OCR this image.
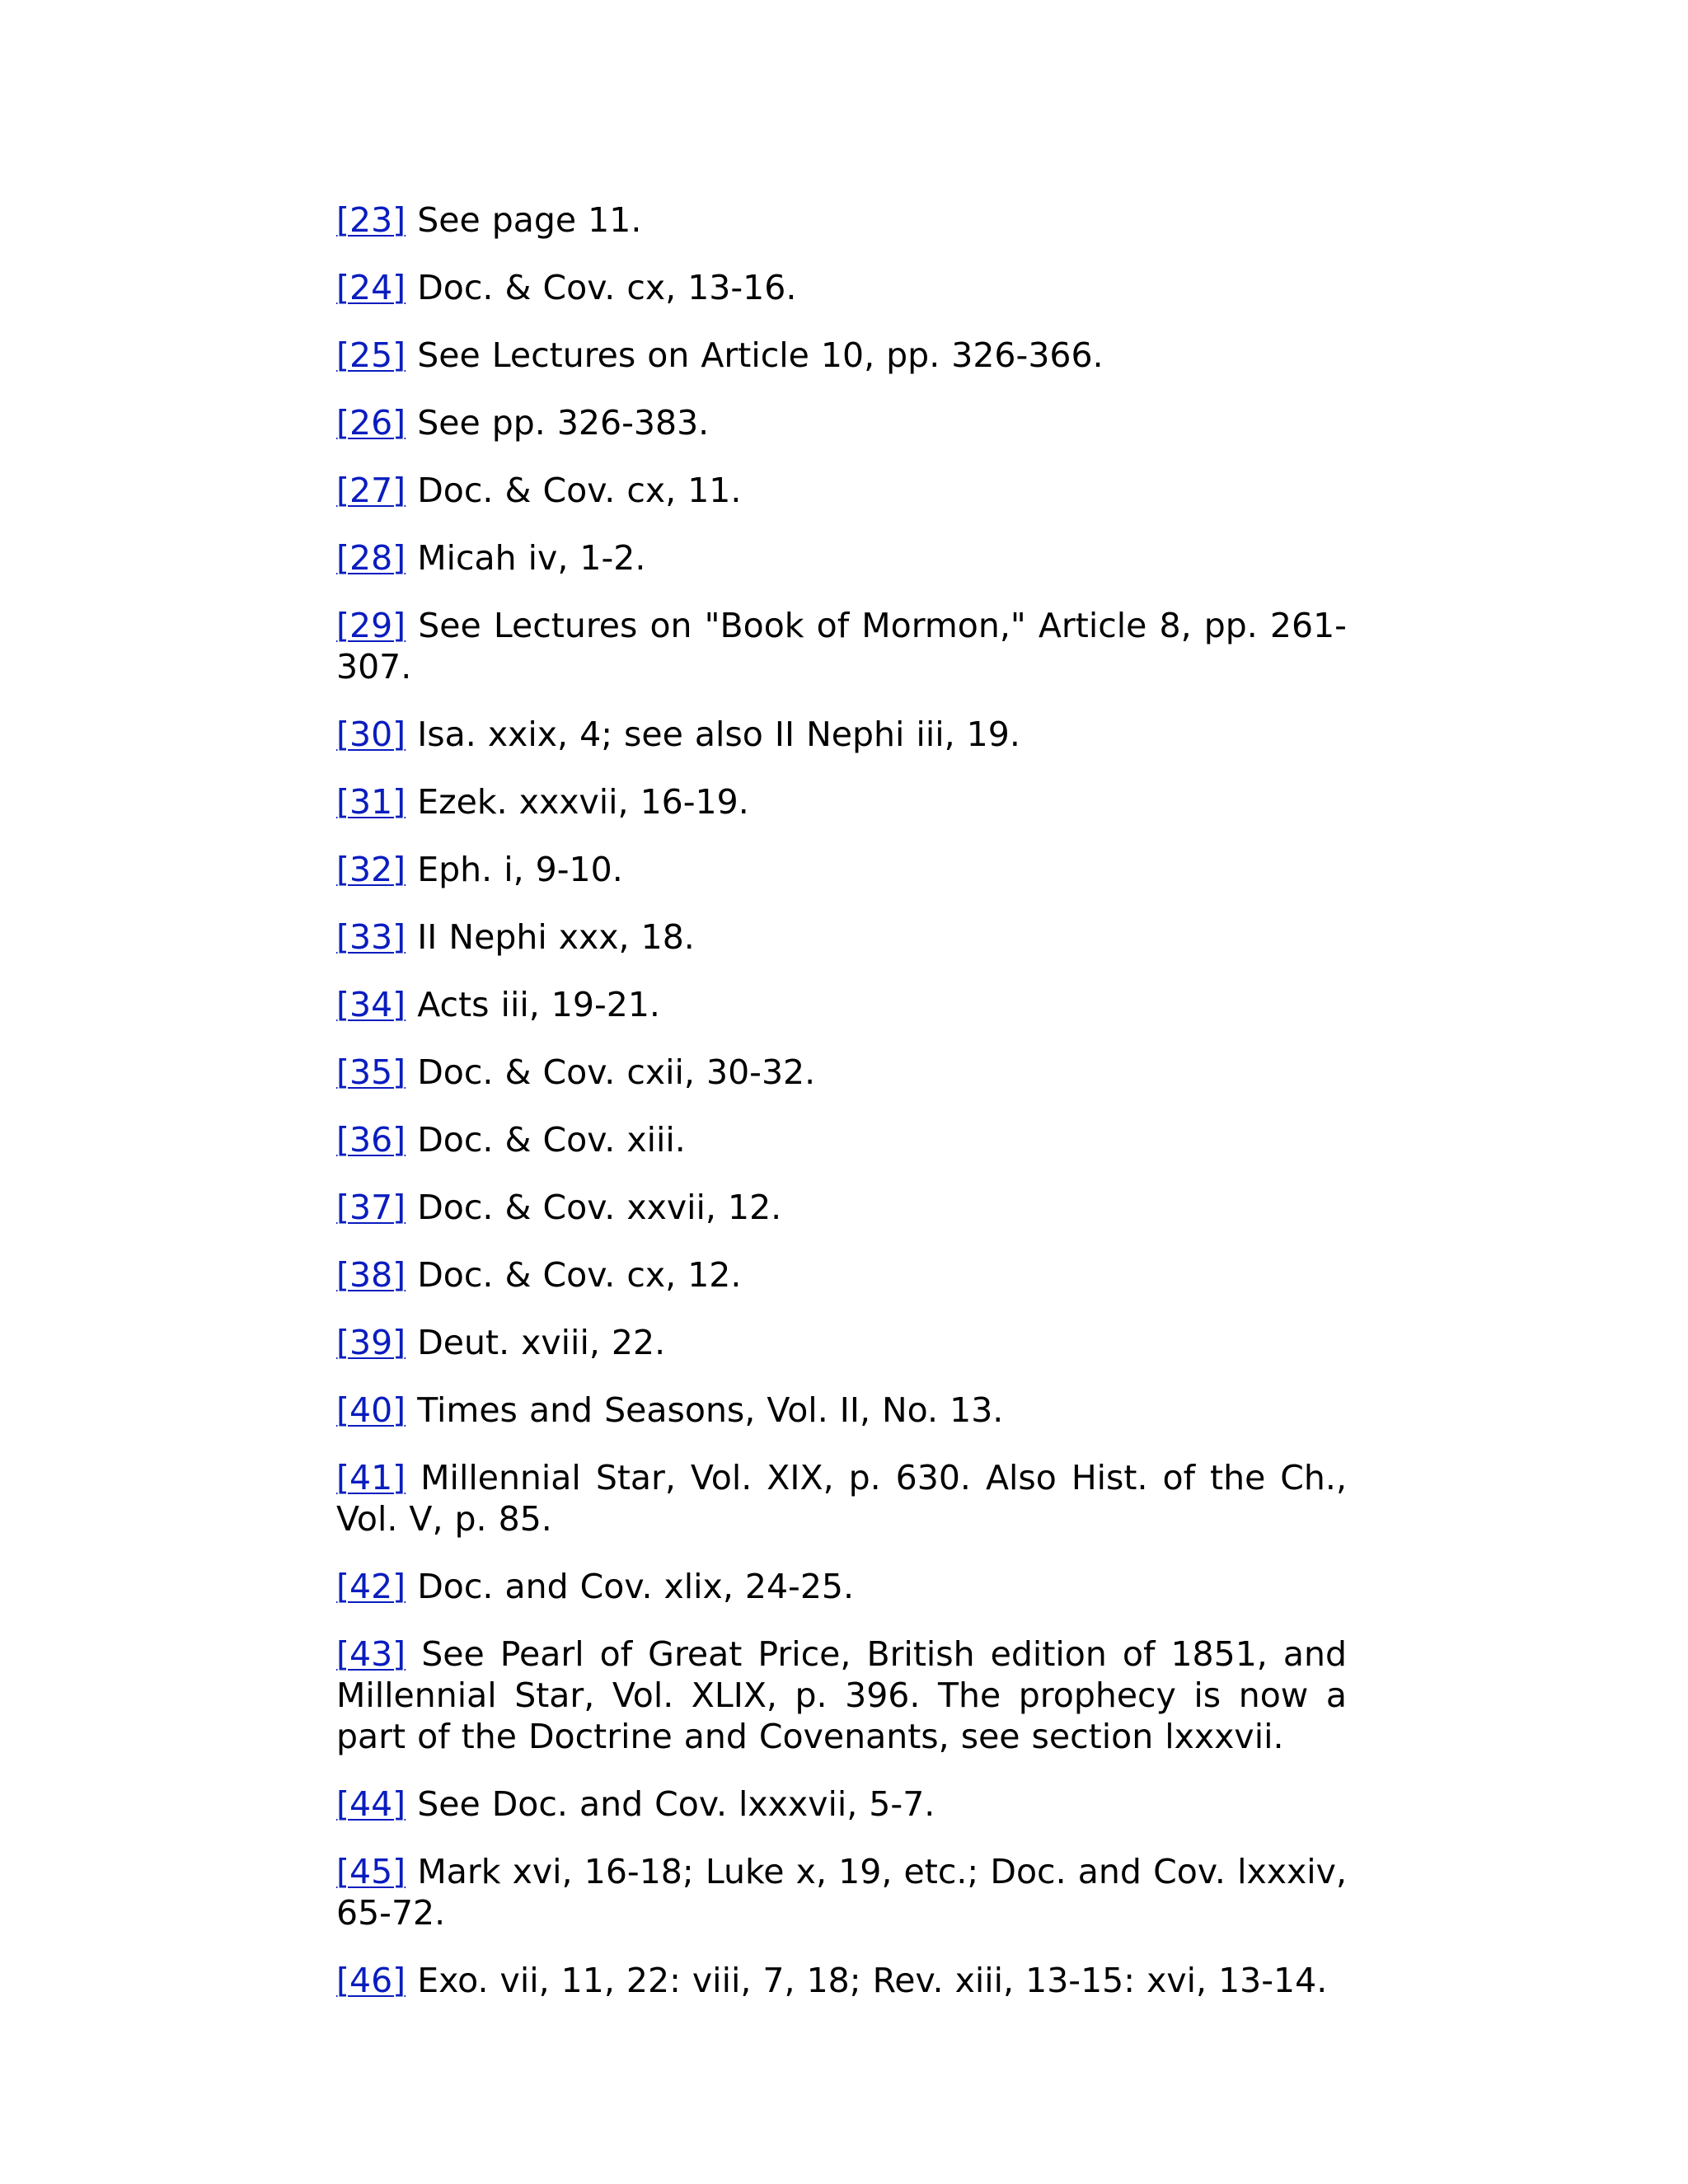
[23] See page 11.

[24] Doc. & Cov. cx, 13-16.

[25] See Lectures on Article 10, pp. 326-366.

[26] See pp. 326-383.

[27] Doc. & Cov. cx, 11.

[28] Micah iv, 1-2.

[29] See Lectures on "Book of Mormon," Article 8, pp. 261-307.

[30] Isa. xxix, 4; see also II Nephi iii, 19.

[31] Ezek. xxxvii, 16-19.

[32] Eph. i, 9-10.

[33] II Nephi xxx, 18.

[34] Acts iii, 19-21.

[35] Doc. & Cov. cxii, 30-32.

[36] Doc. & Cov. xiii.

[37] Doc. & Cov. xxvii, 12.

[38] Doc. & Cov. cx, 12.

[39] Deut. xviii, 22.

[40] Times and Seasons, Vol. II, No. 13.

[41] Millennial Star, Vol. XIX, p. 630. Also Hist. of the Ch., Vol. V, p. 85.

[42] Doc. and Cov. xlix, 24-25.

[43] See Pearl of Great Price, British edition of 1851, and Millennial Star, Vol. XLIX, p. 396. The prophecy is now a part of the Doctrine and Covenants, see section lxxxvii.

[44] See Doc. and Cov. lxxxvii, 5-7.

[45] Mark xvi, 16-18; Luke x, 19, etc.; Doc. and Cov. lxxxiv, 65-72.

[46] Exo. vii, 11, 22: viii, 7, 18; Rev. xiii, 13-15: xvi, 13-14.
